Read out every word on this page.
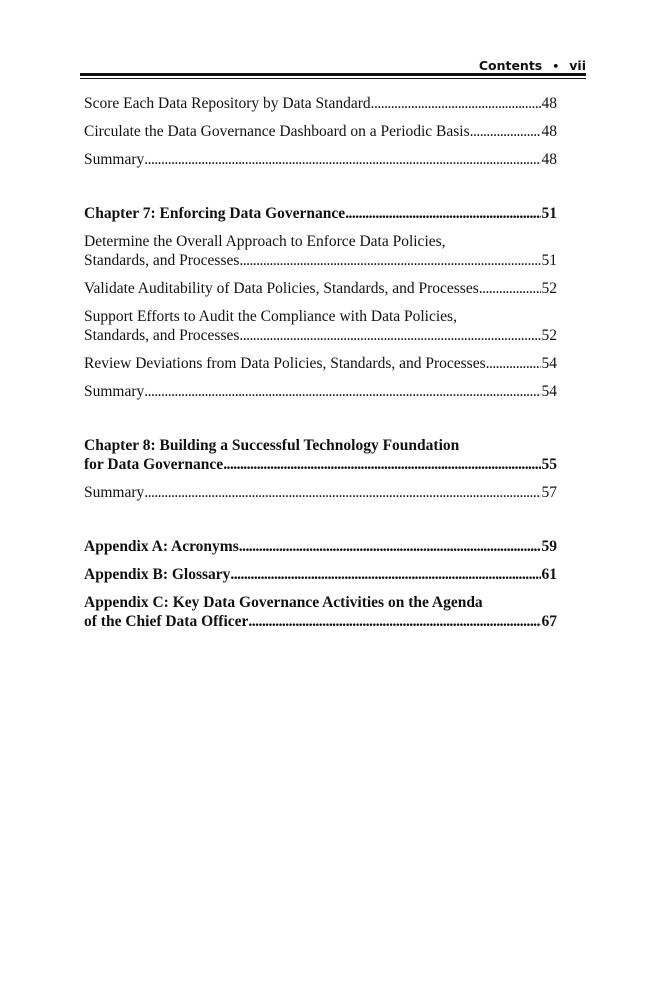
Contents • vii
Score Each Data Repository by Data Standard . . .	48
Circulate the Data Governance Dashboard on a Periodic Basis . . .	48
Summary . . .	48
Chapter 7: Enforcing Data Governance . . .	51
Determine the Overall Approach to Enforce Data Policies,
Standards, and Processes . . .	51
Validate Auditability of Data Policies, Standards, and Processes . . .	52
Support Efforts to Audit the Compliance with Data Policies,
Standards, and Processes . . .	52
Review Deviations from Data Policies, Standards, and Processes . . .	54
Summary . . .	54
Chapter 8: Building a Successful Technology Foundation
for Data Governance . . .	55
Summary . . .	57
Appendix A: Acronyms . . .	59
Appendix B: Glossary . . .	61
Appendix C: Key Data Governance Activities on the Agenda
of the Chief Data Officer . . .	67
